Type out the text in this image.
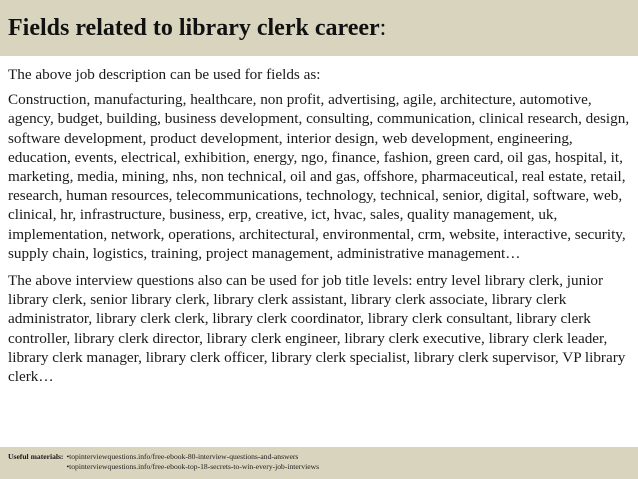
Fields related to library clerk career:

The above job description can be used for fields as:

Construction, manufacturing, healthcare, non profit, advertising, agile, architecture, automotive, agency, budget, building, business development, consulting, communication, clinical research, design, software development, product development, interior design, web development, engineering, education, events, electrical, exhibition, energy, ngo, finance, fashion, green card, oil gas, hospital, it, marketing, media, mining, nhs, non technical, oil and gas, offshore, pharmaceutical, real estate, retail, research, human resources, telecommunications, technology, technical, senior, digital, software, web, clinical, hr, infrastructure, business, erp, creative, ict, hvac, sales, quality management, uk, implementation, network, operations, architectural, environmental, crm, website, interactive, security, supply chain, logistics, training, project management, administrative management…

The above interview questions also can be used for job title levels: entry level library clerk, junior library clerk, senior library clerk, library clerk assistant, library clerk associate, library clerk administrator, library clerk clerk, library clerk coordinator, library clerk consultant, library clerk controller, library clerk director, library clerk engineer, library clerk executive, library clerk leader, library clerk manager, library clerk officer, library clerk specialist, library clerk supervisor, VP library clerk…

Useful materials:
• topinterviewquestions.info/free-ebook-80-interview-questions-and-answers
• topinterviewquestions.info/free-ebook-top-18-secrets-to-win-every-job-interviews
